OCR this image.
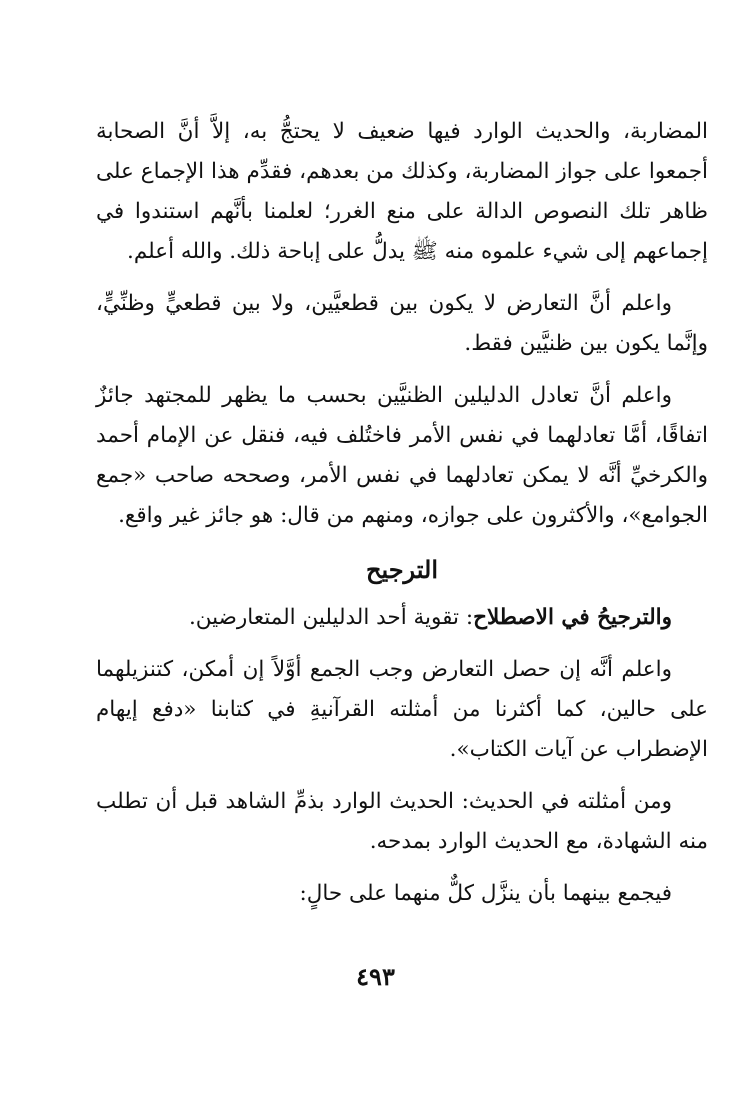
المضاربة، والحديث الوارد فيها ضعيف لا يحتجُّ به، إلاَّ أنَّ الصحابة أجمعوا على جواز المضاربة، وكذلك من بعدهم، فقدِّم هذا الإجماع على ظاهر تلك النصوص الدالة على منع الغرر؛ لعلمنا بأنَّهم استندوا في إجماعهم إلى شيء علموه منه ﷺ يدلُّ على إباحة ذلك. والله أعلم.

واعلم أنَّ التعارض لا يكون بين قطعيَّين، ولا بين قطعيٍّ وظنِّيٍّ، وإنَّما يكون بين ظنيَّين فقط.

واعلم أنَّ تعادل الدليلين الظنيَّين بحسب ما يظهر للمجتهد جائزٌ اتفاقًا، أمَّا تعادلهما في نفس الأمر فاختُلف فيه، فنقل عن الإمام أحمد والكرخيِّ أنَّه لا يمكن تعادلهما في نفس الأمر، وصححه صاحب «جمع الجوامع»، والأكثرون على جوازه، ومنهم من قال: هو جائز غير واقع.

الترجيح

والترجيحُ في الاصطلاح: تقوية أحد الدليلين المتعارضين.

واعلم أنَّه إن حصل التعارض وجب الجمع أوَّلاً إن أمكن، كتنزيلهما على حالين، كما أكثرنا من أمثلته القرآنيةِ في كتابنا «دفع إيهام الإضطراب عن آيات الكتاب».

ومن أمثلته في الحديث: الحديث الوارد بذمِّ الشاهد قبل أن تطلب منه الشهادة، مع الحديث الوارد بمدحه.

فيجمع بينهما بأن ينزَّل كلٌّ منهما على حالٍ:

٤٩٣
